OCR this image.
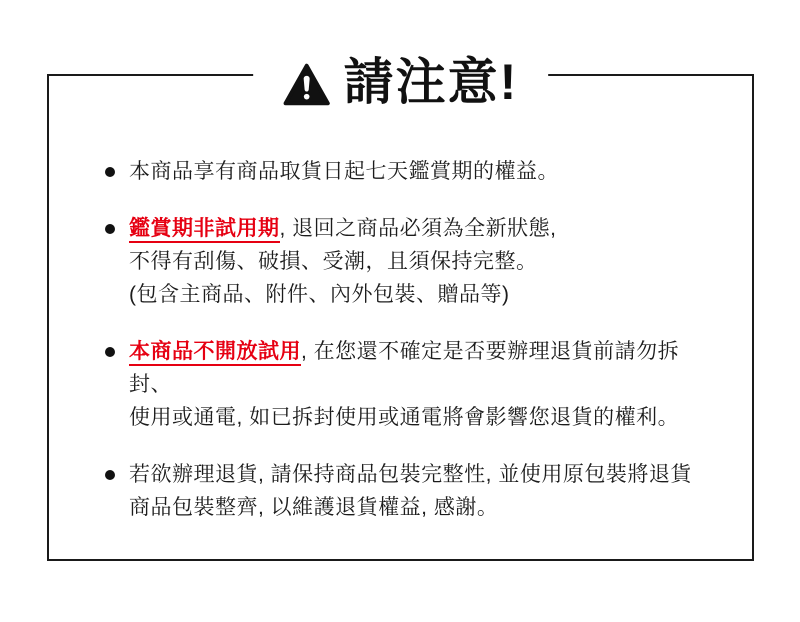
請注意!

本商品享有商品取貨日起七天鑑賞期的權益。

鑑賞期非試用期, 退回之商品必須為全新狀態,
不得有刮傷、破損、受潮，且須保持完整。
(包含主商品、附件、內外包裝、贈品等)

本商品不開放試用, 在您還不確定是否要辦理退貨前請勿拆封、
使用或通電, 如已拆封使用或通電將會影響您退貨的權利。

若欲辦理退貨, 請保持商品包裝完整性, 並使用原包裝將退貨
商品包裝整齊, 以維護退貨權益, 感謝。
